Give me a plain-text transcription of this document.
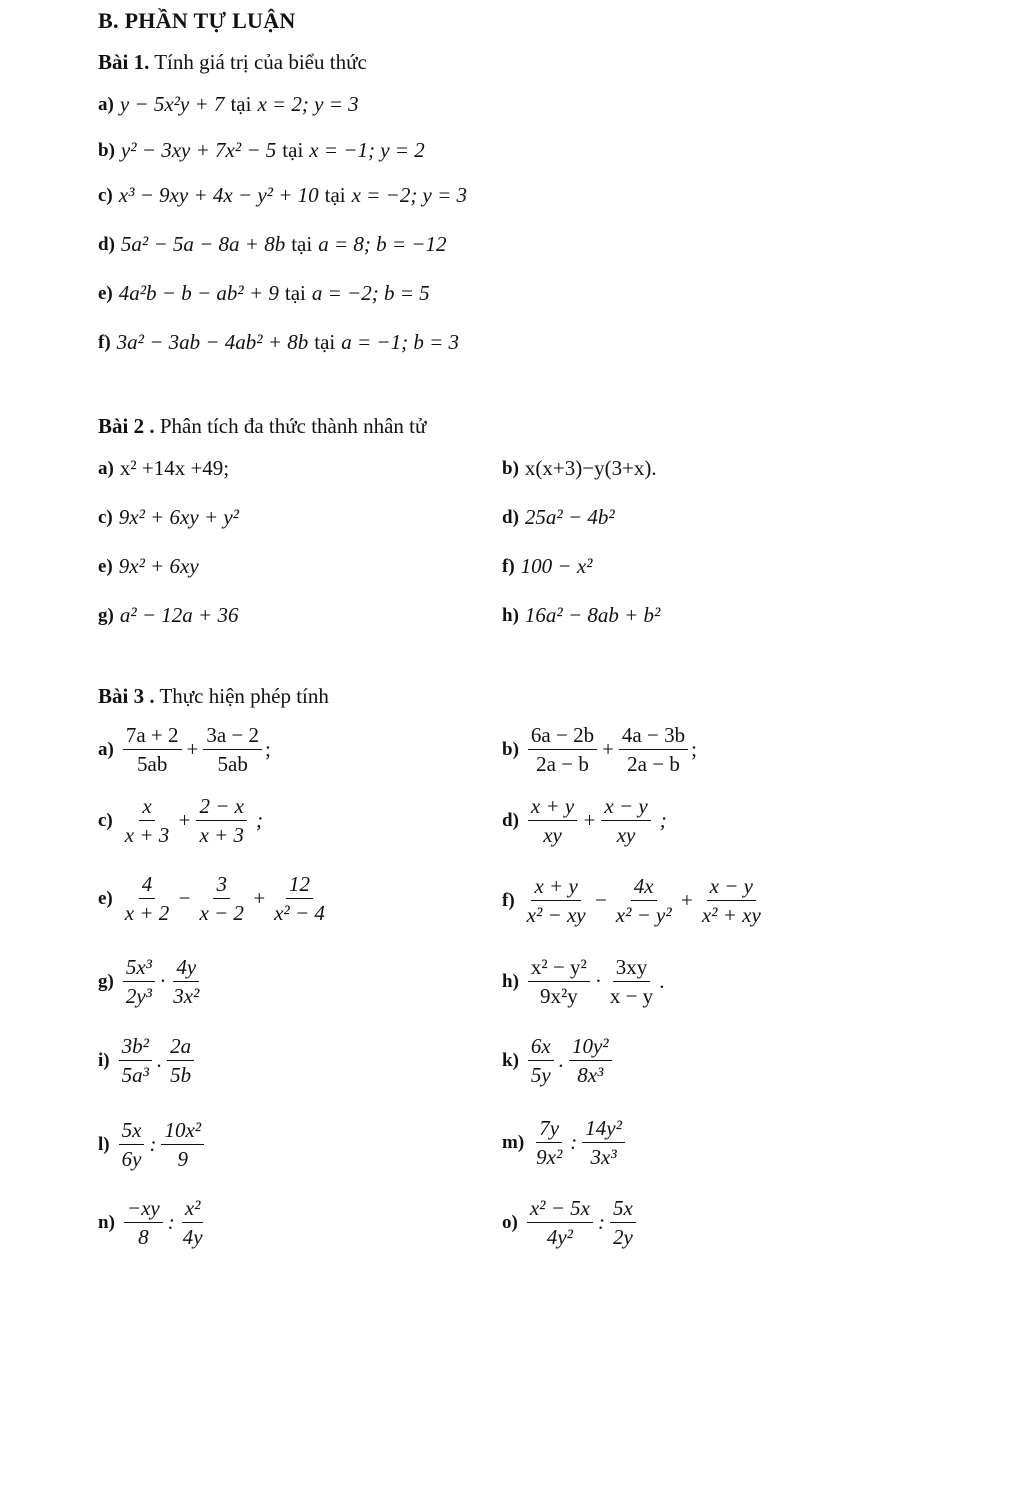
B. PHẦN TỰ LUẬN
Bài 1. Tính giá trị của biểu thức
a) y − 5x²y + 7 tại x = 2; y = 3
b) y² − 3xy + 7x² − 5 tại x = −1; y = 2
c) x³ − 9xy + 4x − y² + 10 tại x = −2; y = 3
d) 5a² − 5a − 8a + 8b tại a = 8; b = −12
e) 4a²b − b − ab² + 9 tại a = −2; b = 5
f) 3a² − 3ab − 4ab² + 8b tại a = −1; b = 3
Bài 2 . Phân tích đa thức thành nhân tử
a) x² +14x +49;	b) x(x+3)−y(3+x).
c) 9x² + 6xy + y²	d) 25a² − 4b²
e) 9x² + 6xy	f) 100 − x²
g) a² − 12a + 36	h) 16a² − 8ab + b²
Bài 3 . Thực hiện phép tính
$a) \frac{7a + 2}{5ab} + \frac{3a - 2}{5ab}$ ;	$b) \frac{6a - 2b}{2a - b} + \frac{4a - 3b}{2a - b}$ ;
$c) \frac{x}{x + 3} + \frac{2 - x}{x + 3}$ ;	$d) \frac{x + y}{xy} + \frac{x - y}{xy}$ ;
$e) \frac{4}{x + 2} - \frac{3}{x - 2} + \frac{12}{\text{x² − 4}}$	$f) \frac{x + y}{\text{x² − xy}} - \frac{4x}{\text{x² − y²}} + \frac{x - y}{\text{x² + xy}}$
$g) \frac{\text{5x³}}{\text{2y³}} \cdot \frac{4y}{\text{3x²}}$	$h) \frac{\text{x² − y²}}{\text{9x²y}} \cdot \frac{3xy}{x - y}$ .
$i) \frac{\text{3b²}}{\text{5a³}}$ . $\frac{2a}{5b}$	$k) \frac{6x}{5y}$ . $\frac{\text{10y²}}{\text{8x³}}$
$l) \frac{5x}{6y}$ : $\frac{\text{10x²}}{9}$	$m) \frac{7y}{\text{9x²}}$ : $\frac{\text{14y²}}{\text{3x³}}$
$n) \frac{-xy}{8}$ : $\frac{\text{x²}}{4y}$	$o) \frac{\text{x² − 5x}}{\text{4y²}}$ : $\frac{5x}{2y}$
